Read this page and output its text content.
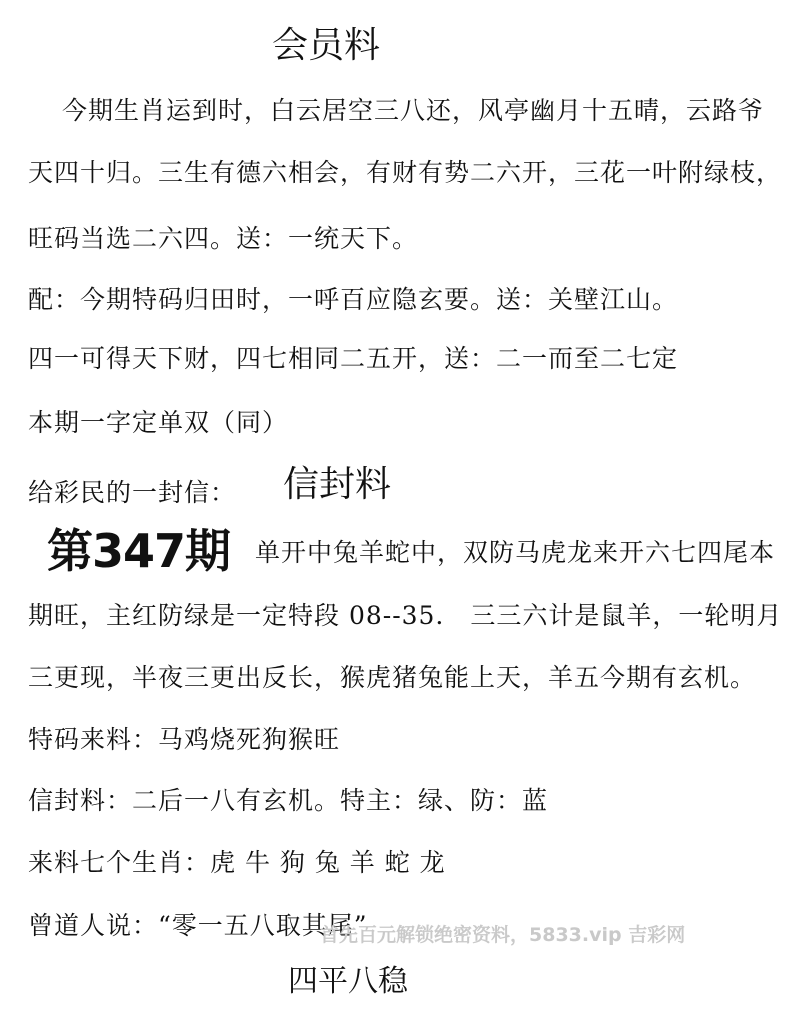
会员料
今期生肖运到时，白云居空三八还，风亭幽月十五晴，云路爷
天四十归。三生有德六相会，有财有势二六开，三花一叶附绿枝，
旺码当选二六四。送：一统天下。
配：今期特码归田时，一呼百应隐玄要。送：关壁江山。
四一可得天下财，四七相同二五开，送：二一而至二七定
本期一字定单双（同）
给彩民的一封信： 信封料
第347期 单开中兔羊蛇中，双防马虎龙来开六七四尾本
期旺，主红防绿是一定特段 08--35． 三三六计是鼠羊，一轮明月
三更现，半夜三更出反长，猴虎猪兔能上天，羊五今期有玄机。
特码来料：马鸡烧死狗猴旺
信封料：二后一八有玄机。特主：绿、防：蓝
来料七个生肖：虎 牛 狗 兔 羊 蛇 龙
曾道人说：“零一五八取其尾”
首先百元解锁绝密资料，5833.vip 吉彩网
四平八稳
